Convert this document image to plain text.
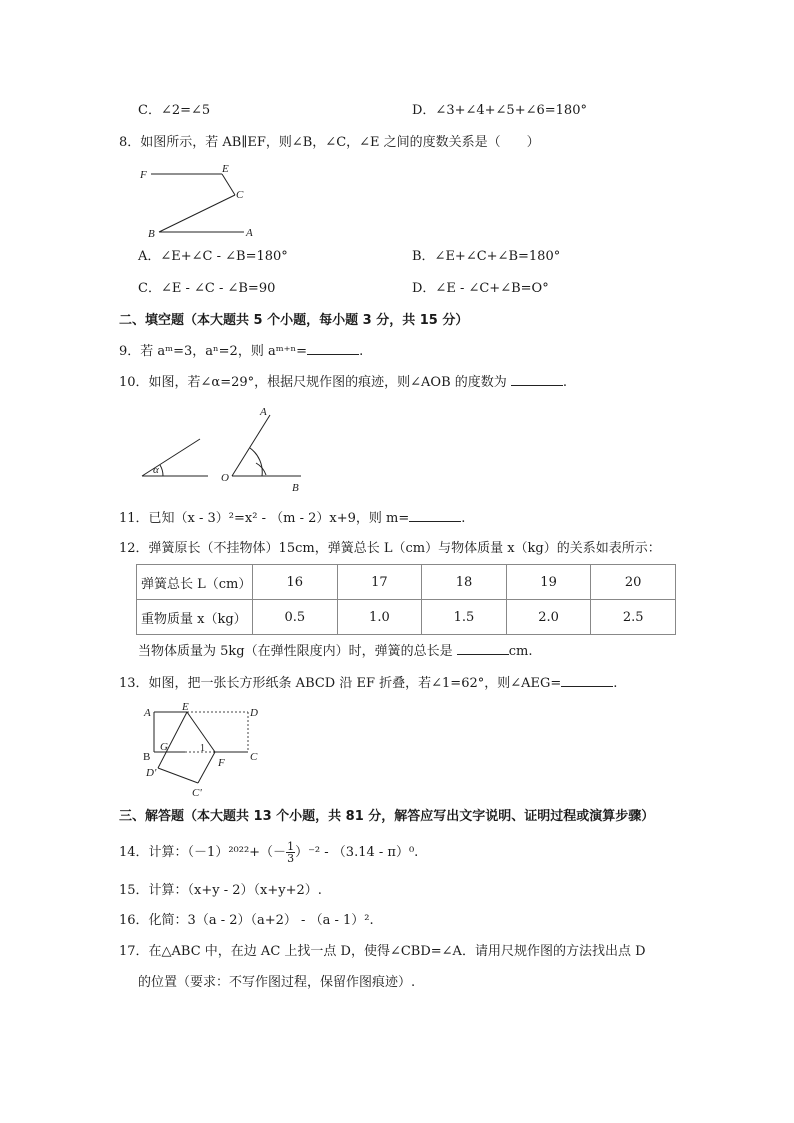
C．∠2=∠5	D．∠3+∠4+∠5+∠6=180°
8．如图所示，若 AB∥EF，则∠B，∠C，∠E 之间的度数关系是（　　）
F	E
C
B	A
A．∠E+∠C - ∠B=180°	B．∠E+∠C+∠B=180°
C．∠E - ∠C - ∠B=90	D．∠E - ∠C+∠B=O°
二、填空题（本大题共 5 个小题，每小题 3 分，共 15 分）
9．若 aᵐ=3，aⁿ=2，则 aᵐ⁺ⁿ=	.
10．如图，若∠α=29°，根据尺规作图的痕迹，则∠AOB 的度数为	.
α
A
O
B
11．已知（x - 3）²=x² - （m - 2）x+9，则 m=	.
12．弹簧原长（不挂物体）15cm，弹簧总长 L（cm）与物体质量 x（kg）的关系如表所示：
弹簧总长 L（cm）	16	17	18	19	20
重物质量 x（kg）	0.5	1.0	1.5	2.0	2.5
当物体质量为 5kg（在弹性限度内）时，弹簧的总长是	cm.
13．如图，把一张长方形纸条 ABCD 沿 EF 折叠，若∠1=62°，则∠AEG=	.
A	E	D
B
G	1
F C
D'
C'
三、解答题（本大题共 13 个小题，共 81 分，解答应写出文字说明、证明过程或演算步骤）
14．计算：$(-1)^{2022}+(- \frac{1}{3} )^{-2} - (3.14 - \pi)^0$.
15．计算：（x+y - 2）（x+y+2）.
16．化简：3（a - 2）（a+2） - （a - 1）².
17．在△ABC 中，在边 AC 上找一点 D，使得∠CBD=∠A．请用尺规作图的方法找出点 D
的位置（要求：不写作图过程，保留作图痕迹）.
